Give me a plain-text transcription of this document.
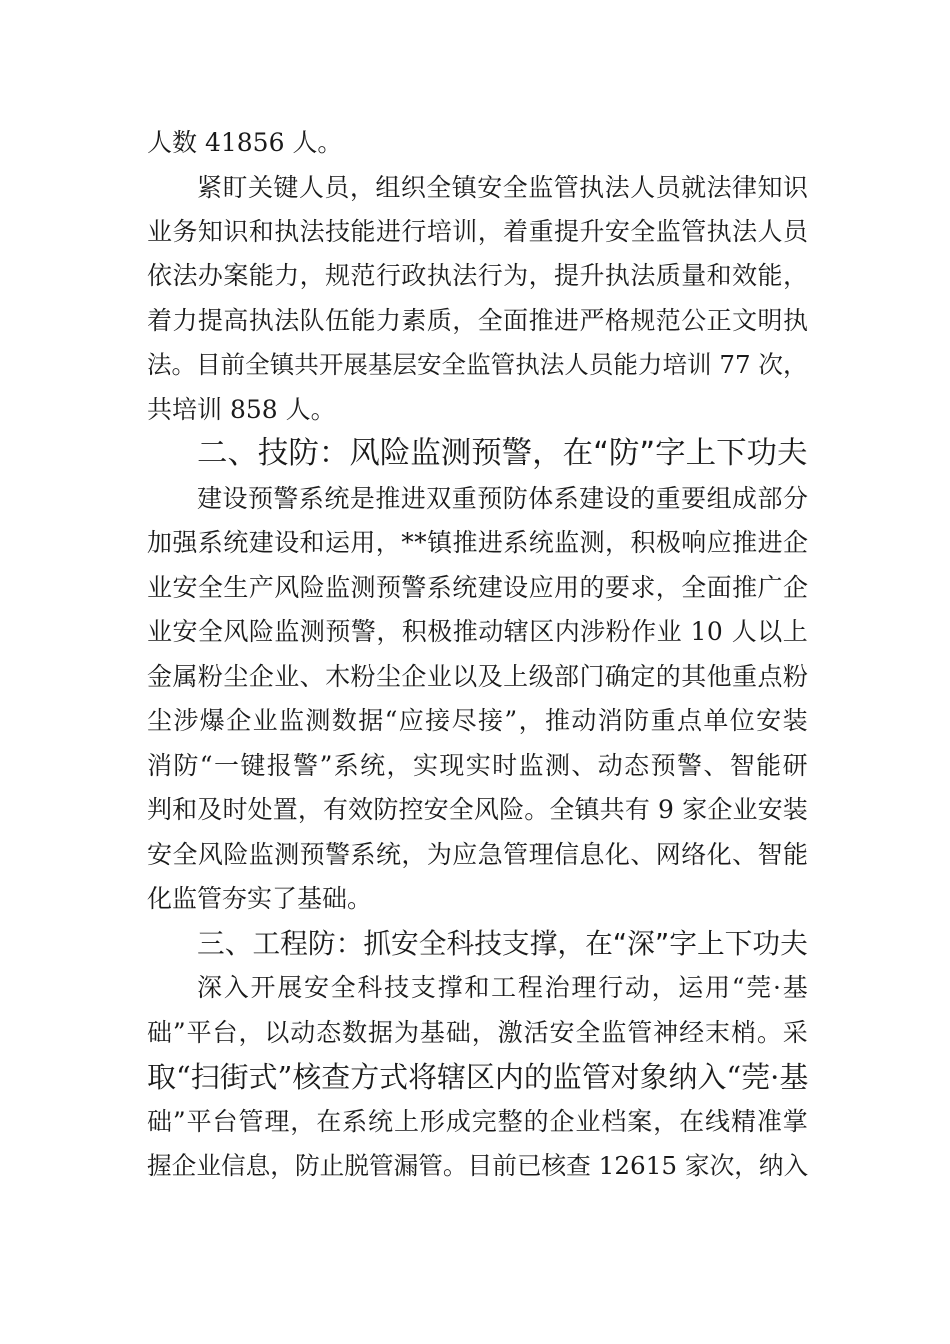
人数 41856 人。
紧盯关键人员，组织全镇安全监管执法人员就法律知识
业务知识和执法技能进行培训，着重提升安全监管执法人员
依法办案能力，规范行政执法行为，提升执法质量和效能，
着力提高执法队伍能力素质，全面推进严格规范公正文明执
法。目前全镇共开展基层安全监管执法人员能力培训 77 次，
共培训 858 人。
二、技防：风险监测预警，在“防”字上下功夫
建设预警系统是推进双重预防体系建设的重要组成部分
加强系统建设和运用，**镇推进系统监测，积极响应推进企
业安全生产风险监测预警系统建设应用的要求，全面推广企
业安全风险监测预警，积极推动辖区内涉粉作业 10 人以上
金属粉尘企业、木粉尘企业以及上级部门确定的其他重点粉
尘涉爆企业监测数据“应接尽接”，推动消防重点单位安装
消防“一键报警”系统，实现实时监测、动态预警、智能研
判和及时处置，有效防控安全风险。全镇共有 9 家企业安装
安全风险监测预警系统，为应急管理信息化、网络化、智能
化监管夯实了基础。
三、工程防：抓安全科技支撑，在“深”字上下功夫
深入开展安全科技支撑和工程治理行动，运用“莞·基
础”平台，以动态数据为基础，激活安全监管神经末梢。采
取“扫街式”核查方式将辖区内的监管对象纳入“莞·基
础”平台管理，在系统上形成完整的企业档案，在线精准掌
握企业信息，防止脱管漏管。目前已核查 12615 家次，纳入
